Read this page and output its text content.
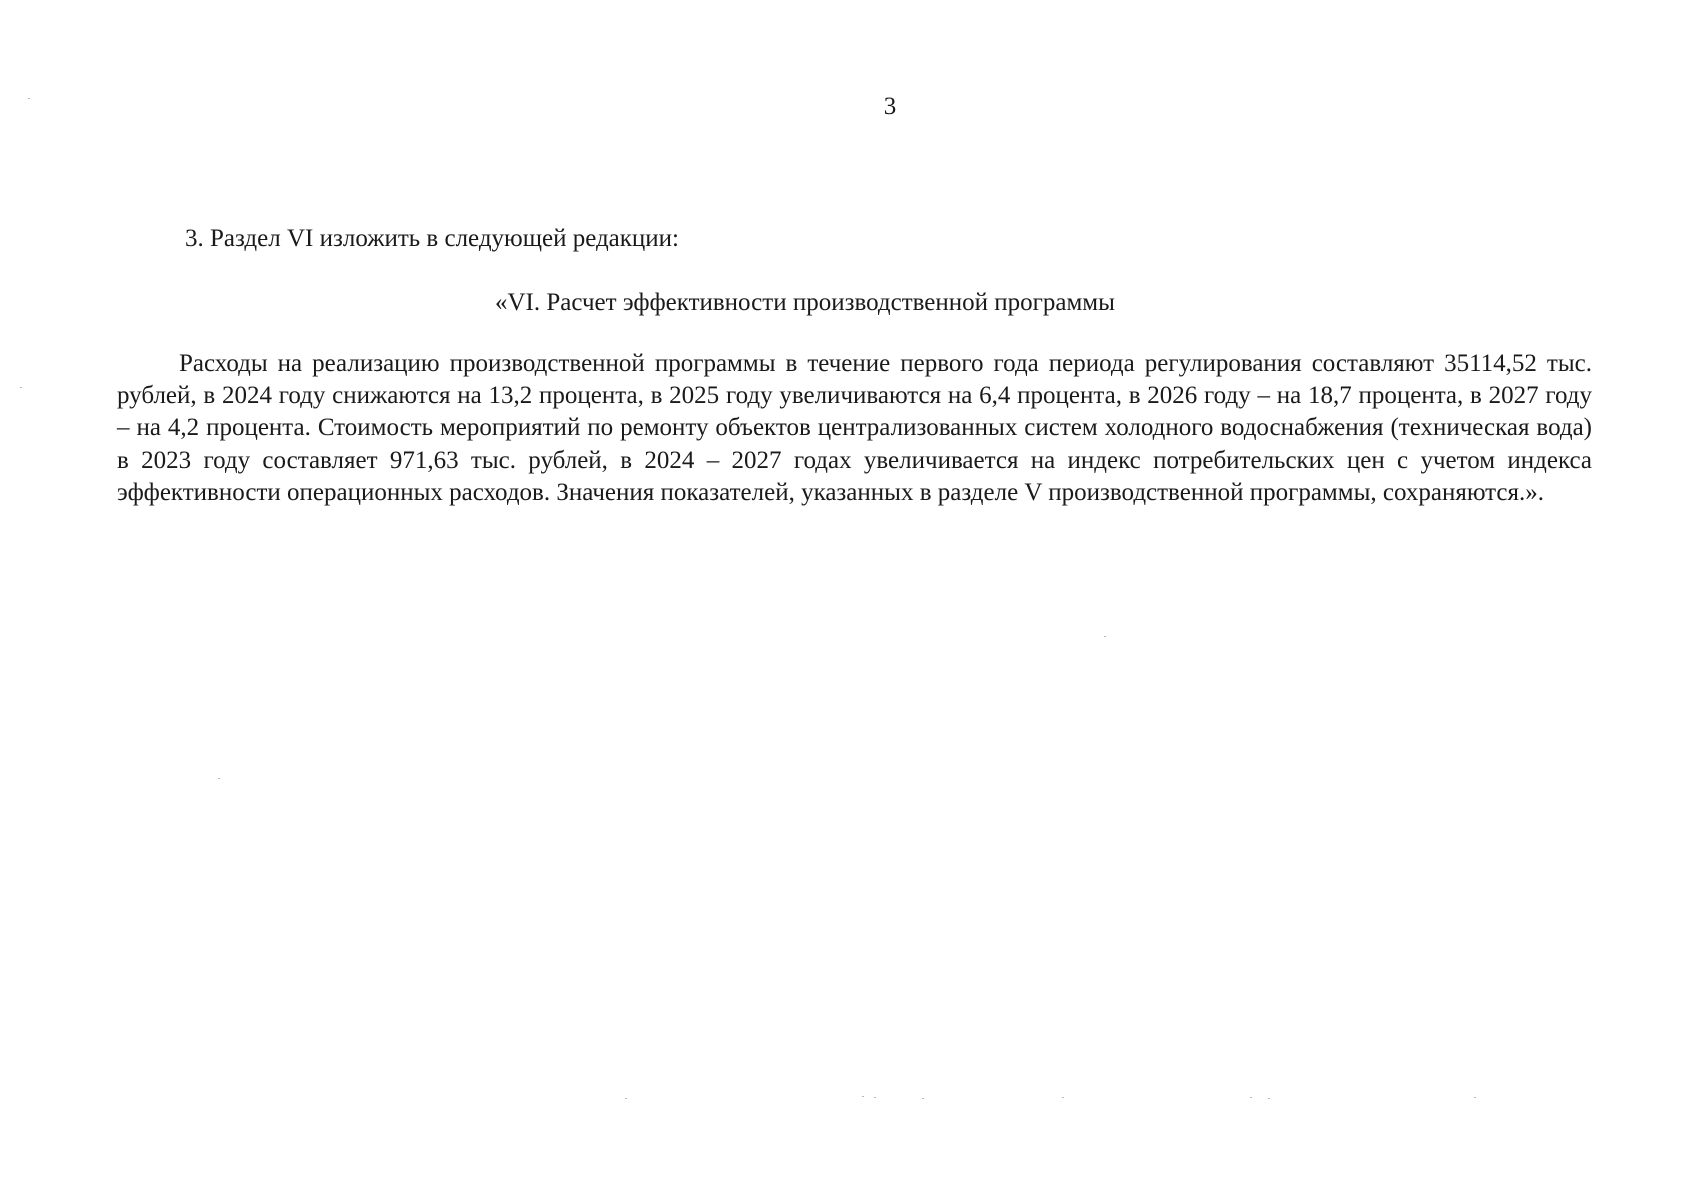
3
3. Раздел VI изложить в следующей редакции:
«VI. Расчет эффективности производственной программы

Расходы на реализацию производственной программы в течение первого года периода регулирования составляют 35114,52 тыс. рублей, в 2024 году снижаются на 13,2 процента, в 2025 году увеличиваются на 6,4 процента, в 2026 году – на 18,7 процента, в 2027 году – на 4,2 процента. Стоимость мероприятий по ремонту объектов централизованных систем холодного водоснабжения (техническая вода) в 2023 году составляет 971,63 тыс. рублей, в 2024 – 2027 годах увеличивается на индекс потребительских цен с учетом индекса эффективности операционных расходов. Значения показателей, указанных в разделе V производственной программы, сохраняются.».
